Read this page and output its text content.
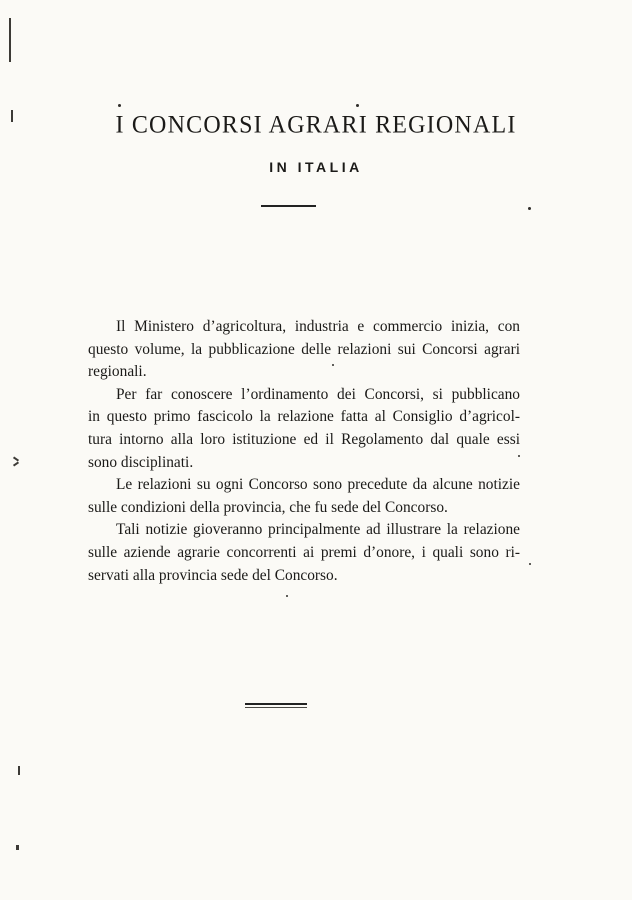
I CONCORSI AGRARI REGIONALI
IN ITALIA

Il Ministero d’agricoltura, industria e commercio inizia, con
questo volume, la pubblicazione delle relazioni sui Concorsi agrari
regionali.

Per far conoscere l’ordinamento dei Concorsi, si pubblicano
in questo primo fascicolo la relazione fatta al Consiglio d’agricol-
tura intorno alla loro istituzione ed il Regolamento dal quale essi
sono disciplinati.

Le relazioni su ogni Concorso sono precedute da alcune notizie
sulle condizioni della provincia, che fu sede del Concorso.

Tali notizie gioveranno principalmente ad illustrare la relazione
sulle aziende agrarie concorrenti ai premi d’onore, i quali sono ri-
servati alla provincia sede del Concorso.
